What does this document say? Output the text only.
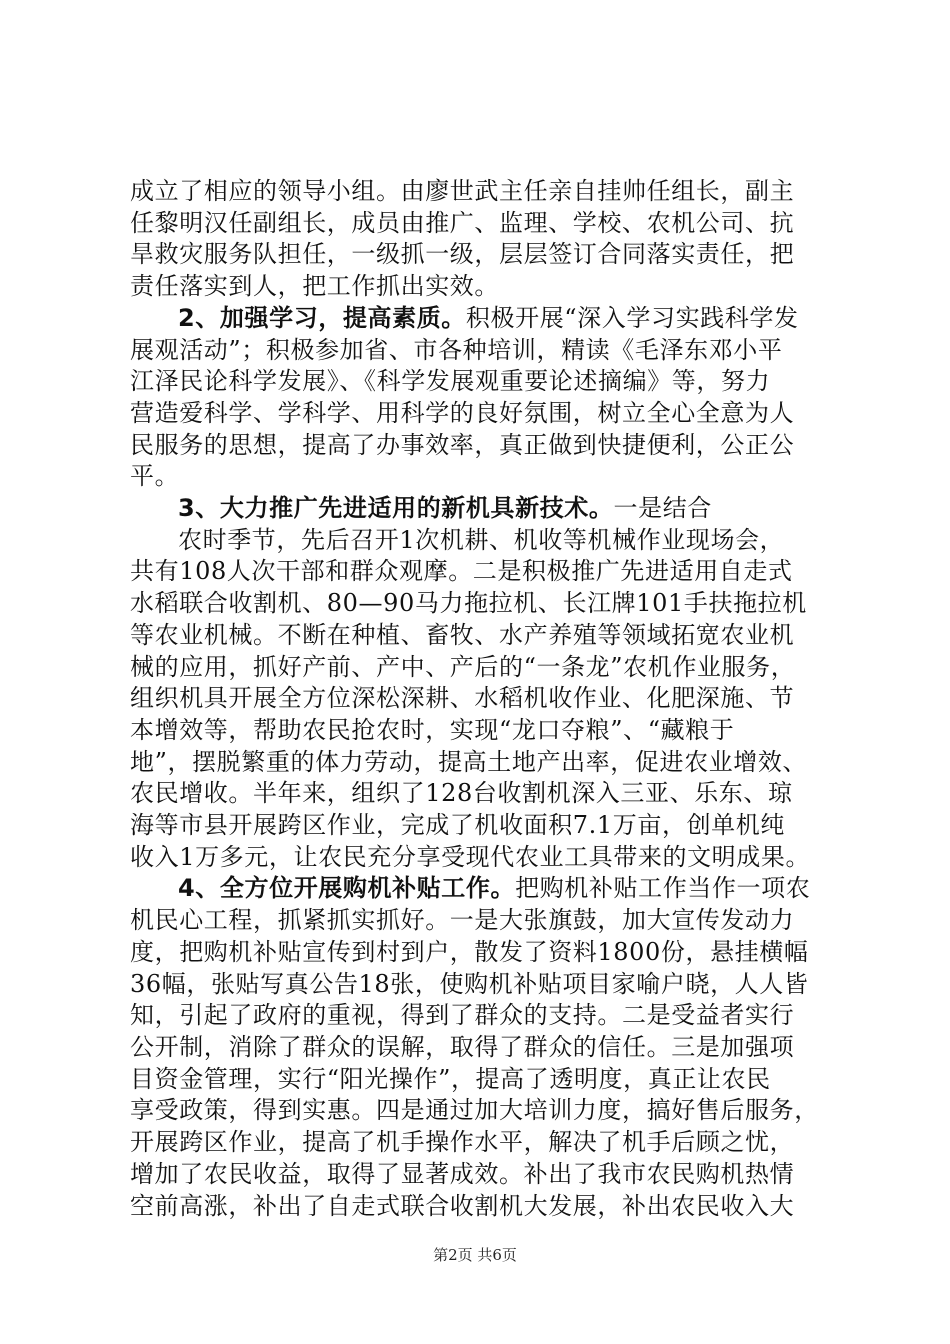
成立了相应的领导小组。由廖世武主任亲自挂帅任组长，副主
任黎明汉任副组长，成员由推广、监理、学校、农机公司、抗
旱救灾服务队担任，一级抓一级，层层签订合同落实责任，把
责任落实到人，把工作抓出实效。
2、加强学习，提高素质。积极开展“深入学习实践科学发
展观活动”；积极参加省、市各种培训，精读《毛泽东邓小平
江泽民论科学发展》、《科学发展观重要论述摘编》等，努力
营造爱科学、学科学、用科学的良好氛围，树立全心全意为人
民服务的思想，提高了办事效率，真正做到快捷便利，公正公
平。
3、大力推广先进适用的新机具新技术。一是结合
农时季节，先后召开1次机耕、机收等机械作业现场会，
共有108人次干部和群众观摩。二是积极推广先进适用自走式
水稻联合收割机、80—90马力拖拉机、长江牌101手扶拖拉机
等农业机械。不断在种植、畜牧、水产养殖等领域拓宽农业机
械的应用，抓好产前、产中、产后的“一条龙”农机作业服务，
组织机具开展全方位深松深耕、水稻机收作业、化肥深施、节
本增效等，帮助农民抢农时，实现“龙口夺粮”、“藏粮于
地”，摆脱繁重的体力劳动，提高土地产出率，促进农业增效、
农民增收。半年来，组织了128台收割机深入三亚、乐东、琼
海等市县开展跨区作业，完成了机收面积7.1万亩，创单机纯
收入1万多元，让农民充分享受现代农业工具带来的文明成果。
4、全方位开展购机补贴工作。把购机补贴工作当作一项农
机民心工程，抓紧抓实抓好。一是大张旗鼓，加大宣传发动力
度，把购机补贴宣传到村到户，散发了资料1800份，悬挂横幅
36幅，张贴写真公告18张，使购机补贴项目家喻户晓，人人皆
知，引起了政府的重视，得到了群众的支持。二是受益者实行
公开制，消除了群众的误解，取得了群众的信任。三是加强项
目资金管理，实行“阳光操作”，提高了透明度，真正让农民
享受政策，得到实惠。四是通过加大培训力度，搞好售后服务，
开展跨区作业，提高了机手操作水平，解决了机手后顾之忧，
增加了农民收益，取得了显著成效。补出了我市农民购机热情
空前高涨，补出了自走式联合收割机大发展，补出农民收入大
第2页 共6页
